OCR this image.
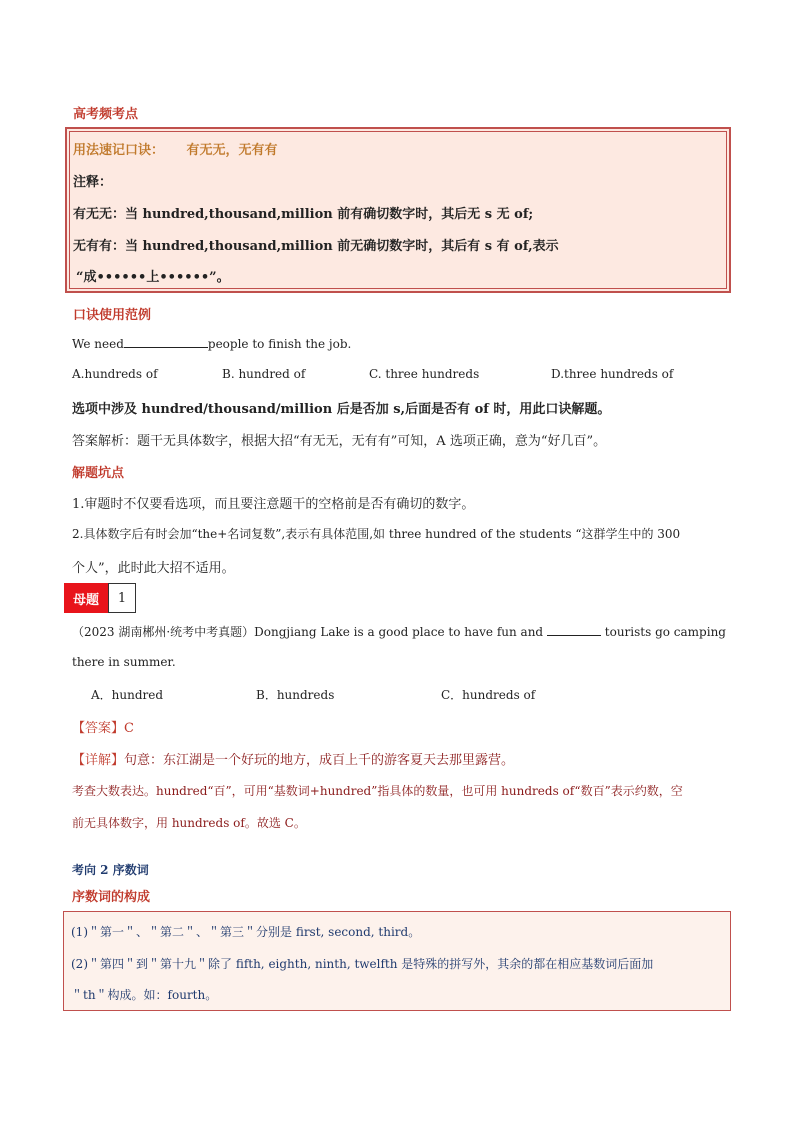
高考频考点
用法速记口诀： 有无无，无有有
注释：
有无无：当 hundred,thousand,million 前有确切数字时，其后无 s 无 of;
无有有：当 hundred,thousand,million 前无确切数字时，其后有 s 有 of,表示
“成••••••上••••••”。
口诀使用范例
We need	people to finish the job.
A.hundreds of	B. hundred of	C. three hundreds	D.three hundreds of
选项中涉及 hundred/thousand/million 后是否加 s,后面是否有 of 时，用此口诀解题。
答案解析：题干无具体数字，根据大招“有无无，无有有”可知，A 选项正确，意为“好几百”。
解题坑点
1.审题时不仅要看选项，而且要注意题干的空格前是否有确切的数字。
2.具体数字后有时会加“the+名词复数”,表示有具体范围,如 three hundred of the students “这群学生中的 300
个人”，此时此大招不适用。
母题	1
（2023 湖南郴州·统考中考真题）Dongjiang Lake is a good place to have fun and	tourists go camping
there in summer.
A．hundred	B．hundreds	C．hundreds of
【答案】C
【详解】句意：东江湖是一个好玩的地方，成百上千的游客夏天去那里露营。
考查大数表达。hundred“百”，可用“基数词+hundred”指具体的数量，也可用 hundreds of“数百”表示约数，空
前无具体数字，用 hundreds of。故选 C。
考向 2 序数词
序数词的构成
(1)＂第一＂、＂第二＂、＂第三＂分别是 first, second, third。
(2)＂第四＂到＂第十九＂除了 fifth, eighth, ninth, twelfth 是特殊的拼写外，其余的都在相应基数词后面加
＂th＂构成。如：fourth。
